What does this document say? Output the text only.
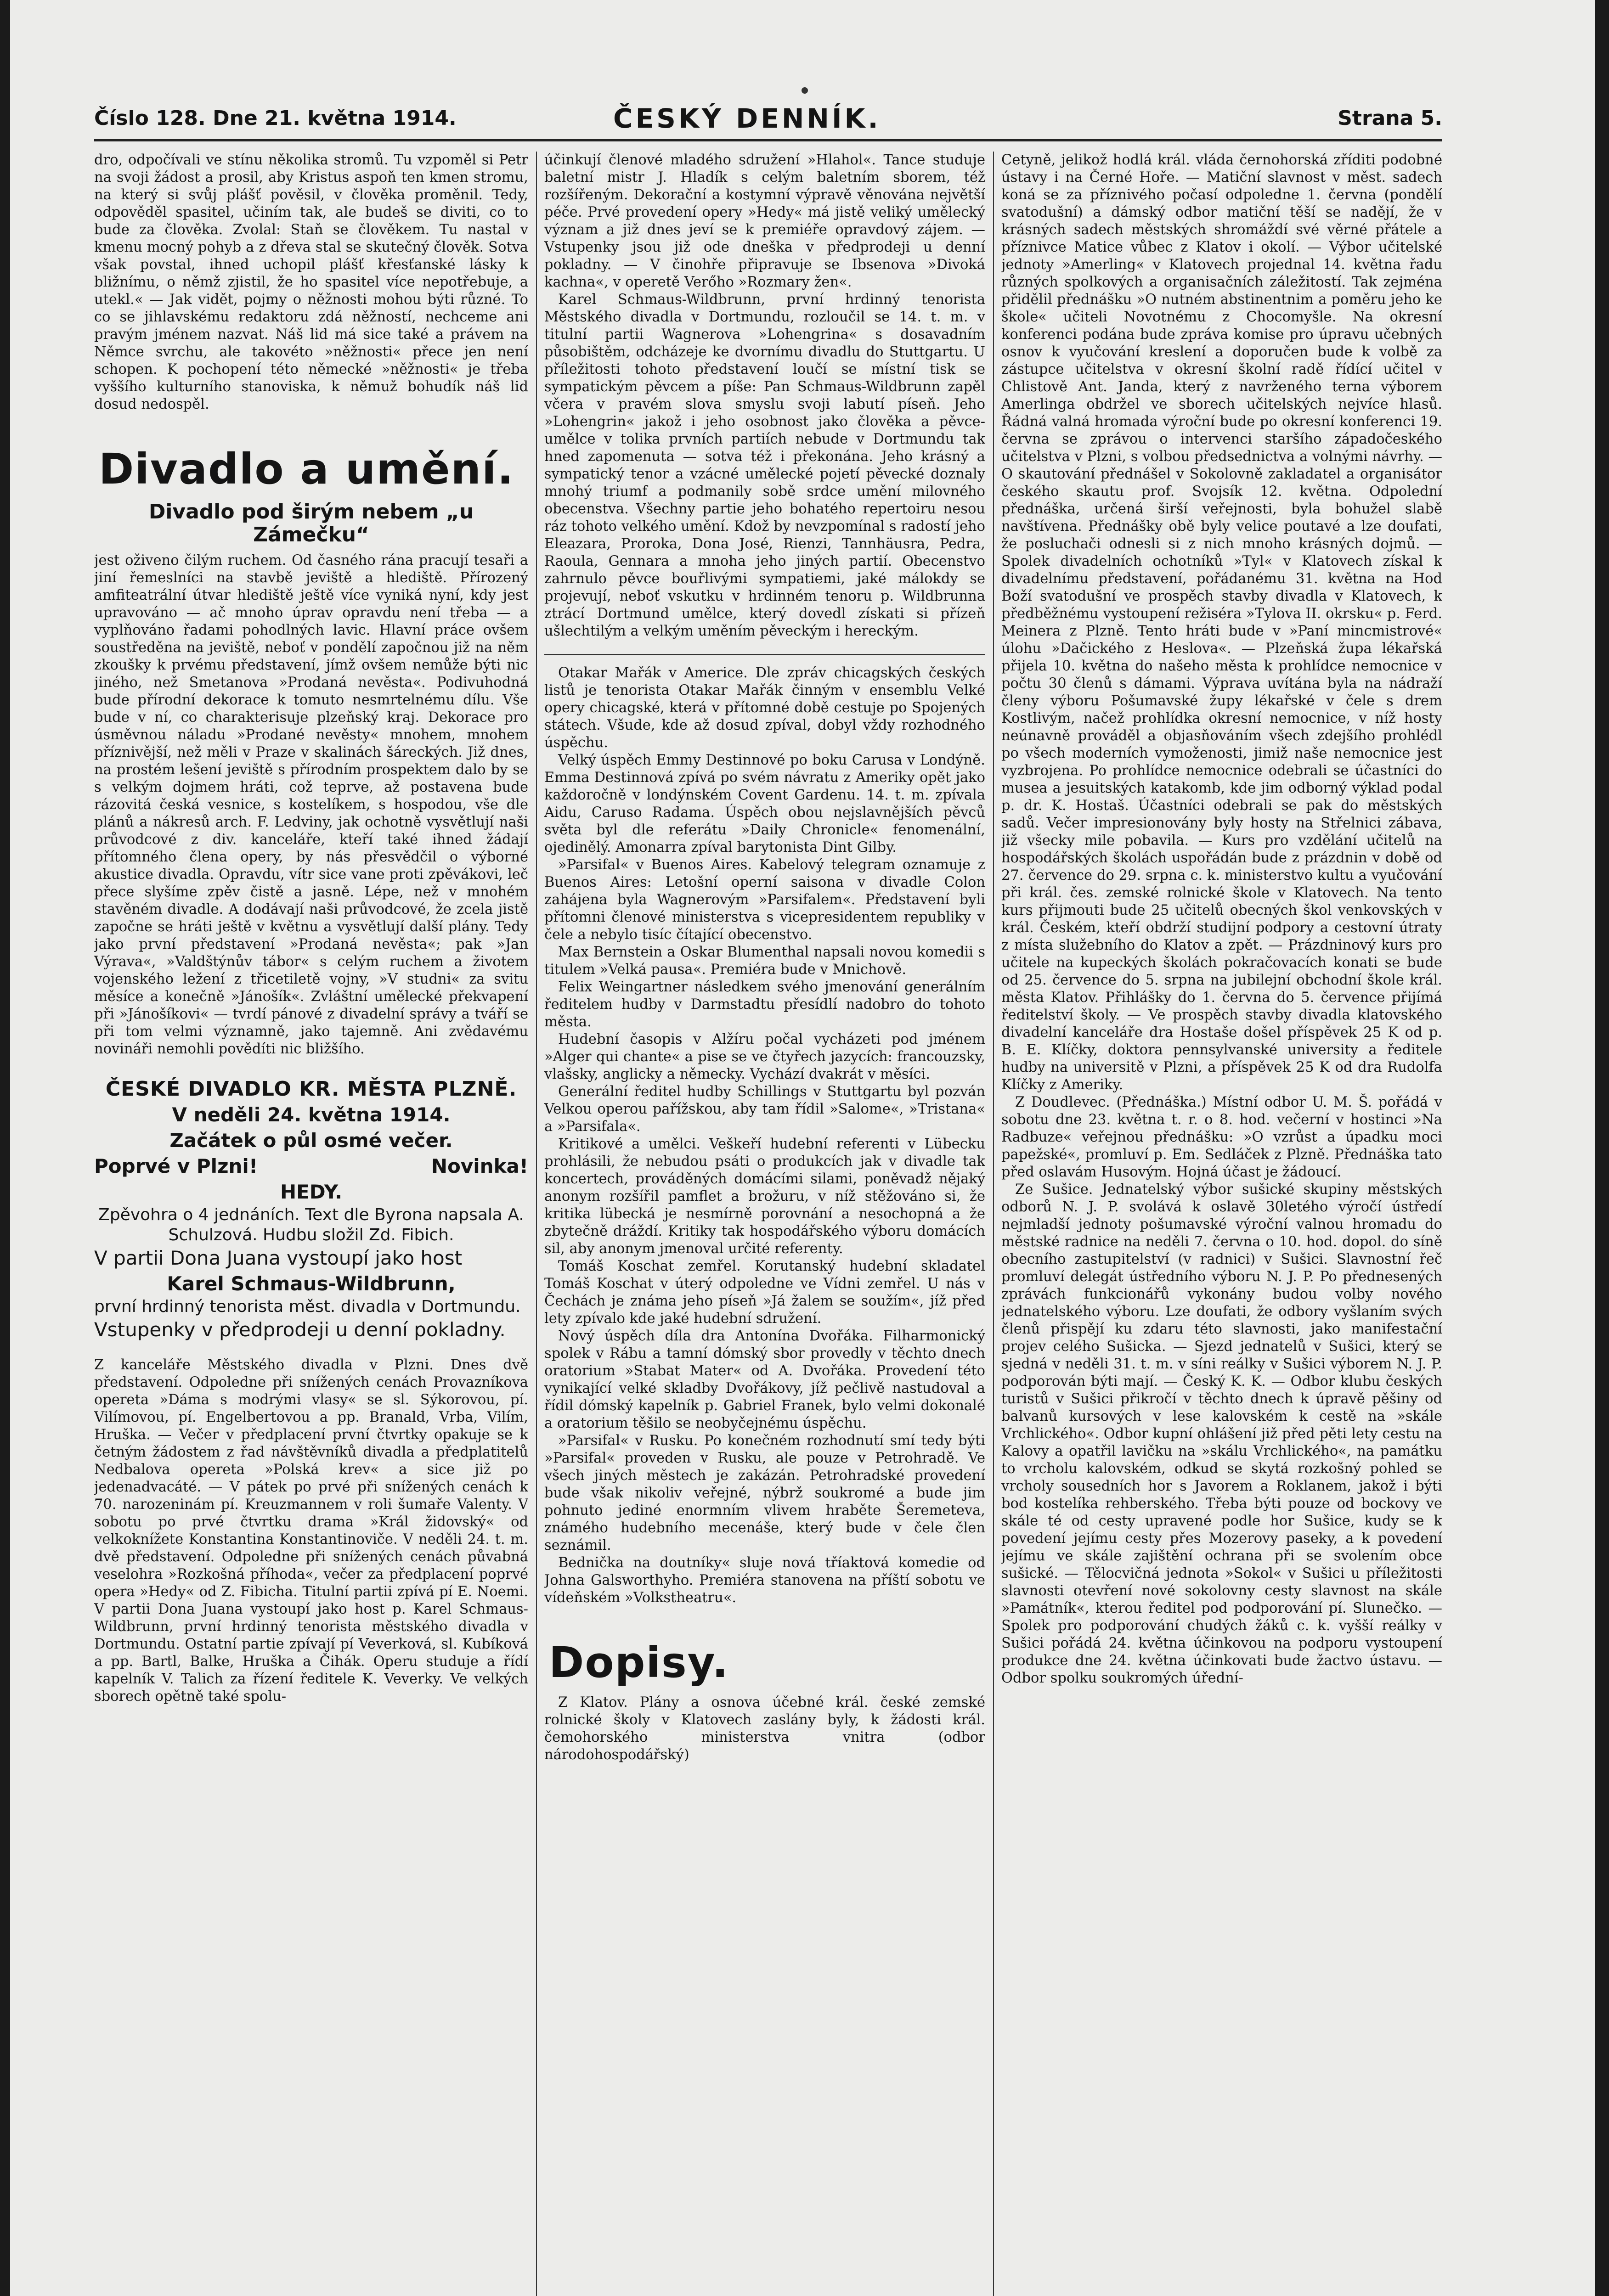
Číslo 128. Dne 21. května 1914.	ČESKÝ DENNÍK.	Strana 5.

dro, odpočívali ve stínu několika stromů. Tu vzpoměl si Petr na svoji žádost a prosil, aby Kristus aspoň ten kmen stromu, na který si svůj plášť pověsil, v člověka proměnil. Tedy, odpověděl spasitel, učiním tak, ale budeš se diviti, co to bude za člověka. Zvolal: Staň se člověkem. Tu nastal v kmenu mocný pohyb a z dřeva stal se skutečný člověk. Sotva však povstal, ihned uchopil plášť křesťanské lásky k bližnímu, o němž zjistil, že ho spasitel více nepotřebuje, a utekl.« — Jak vidět, pojmy o něžnosti mohou býti různé. To co se jihlavskému redaktoru zdá něžností, nechceme ani pravým jménem nazvat. Náš lid má sice také a právem na Němce svrchu, ale takovéto »něžnosti« přece jen není schopen. K pochopení této německé »něžnosti« je třeba vyššího kulturního stanoviska, k němuž bohudík náš lid dosud nedospěl.

Divadlo a umění.
Divadlo pod širým nebem „u Zámečku“

jest oživeno čilým ruchem. Od časného rána pracují tesaři a jiní řemeslníci na stavbě jeviště a hlediště. Přírozený amfiteatrální útvar hlediště ještě více vyniká nyní, kdy jest upravováno — ač mnoho úprav opravdu není třeba — a vyplňováno řadami pohodlných lavic. Hlavní práce ovšem soustředěna na jeviště, neboť v pondělí započnou již na něm zkoušky k prvému představení, jímž ovšem nemůže býti nic jiného, než Smetanova »Prodaná nevěsta«. Podivuhodná bude přírodní dekorace k tomuto nesmrtelnému dílu. Vše bude v ní, co charakterisuje plzeňský kraj. Dekorace pro úsměvnou náladu »Prodané nevěsty« mnohem, mnohem příznivější, než měli v Praze v skalinách šáreckých. Již dnes, na prostém lešení jeviště s přírodním prospektem dalo by se s velkým dojmem hráti, což teprve, až postavena bude rázovitá česká vesnice, s kostelíkem, s hospodou, vše dle plánů a nákresů arch. F. Ledviny, jak ochotně vysvětlují naši průvodcové z div. kanceláře, kteří také ihned žádají přítomného člena opery, by nás přesvědčil o výborné akustice divadla. Opravdu, vítr sice vane proti zpěvákovi, leč přece slyšíme zpěv čistě a jasně. Lépe, než v mnohém stavěném divadle. A dodávají naši průvodcové, že zcela jistě započne se hráti ještě v květnu a vysvětlují další plány. Tedy jako první představení »Prodaná nevěsta«; pak »Jan Výrava«, »Valdštýnův tábor« s celým ruchem a životem vojenského ležení z třicetiletě vojny, »V studni« za svitu měsíce a konečně »Jánošík«. Zvláštní umělecké překvapení při »Jánošíkovi« — tvrdí pánové z divadelní správy a tváří se při tom velmi významně, jako tajemně. Ani zvědavému novináři nemohli povědíti nic bližšího.

ČESKÉ DIVADLO KR. MĚSTA PLZNĚ.
V neděli 24. května 1914.
Začátek o půl osmé večer.
Poprvé v Plzni!	Novinka!
HEDY.
Zpěvohra o 4 jednáních. Text dle Byrona napsala A. Schulzová. Hudbu složil Zd. Fibich.
V partii Dona Juana vystoupí jako host
Karel Schmaus-Wildbrunn,
první hrdinný tenorista měst. divadla v Dortmundu.
Vstupenky v předprodeji u denní pokladny.

Z kanceláře Městského divadla v Plzni. Dnes dvě představení. Odpoledne při snížených cenách Provazníkova opereta »Dáma s modrými vlasy« se sl. Sýkorovou, pí. Vilímovou, pí. Engelbertovou a pp. Branald, Vrba, Vilím, Hruška. — Večer v předplacení první čtvrtky opakuje se k četným žádostem z řad návštěvníků divadla a předplatitelů Nedbalova opereta »Polská krev« a sice již po jedenadvacáté. — V pátek po prvé při snížených cenách k 70. narozeninám pí. Kreuzmannem v roli šumaře Valenty. V sobotu po prvé čtvrtku drama »Král židovský« od velkoknížete Konstantina Konstantinoviče. V neděli 24. t. m. dvě představení. Odpoledne při snížených cenách půvabná veselohra »Rozkošná příhoda«, večer za předplacení poprvé opera »Hedy« od Z. Fibicha. Titulní partii zpívá pí E. Noemi. V partii Dona Juana vystoupí jako host p. Karel Schmaus-Wildbrunn, první hrdinný tenorista městského divadla v Dortmundu. Ostatní partie zpívají pí Veverková, sl. Kubíková a pp. Bartl, Balke, Hruška a Čihák. Operu studuje a řídí kapelník V. Talich za řízení ředitele K. Veverky. Ve velkých sborech opětně také spolu-

účinkují členové mladého sdružení »Hlahol«. Tance studuje baletní mistr J. Hladík s celým baletním sborem, též rozšířeným. Dekorační a kostymní výpravě věnována největší péče. Prvé provedení opery »Hedy« má jistě veliký umělecký význam a již dnes jeví se k premiéře opravdový zájem. — Vstupenky jsou již ode dneška v předprodeji u denní pokladny. — V činohře připravuje se Ibsenova »Divoká kachna«, v operetě Verőho »Rozmary žen«.

Karel Schmaus-Wildbrunn, první hrdinný tenorista Městského divadla v Dortmundu, rozloučil se 14. t. m. v titulní partii Wagnerova »Lohengrina« s dosavadním působištěm, odcházeje ke dvornímu divadlu do Stuttgartu. U příležitosti tohoto představení loučí se místní tisk se sympatickým pěvcem a píše: Pan Schmaus-Wildbrunn zapěl včera v pravém slova smyslu svoji labutí píseň. Jeho »Lohengrin« jakož i jeho osobnost jako člověka a pěvce-umělce v tolika prvních partiích nebude v Dortmundu tak hned zapomenuta — sotva též i překonána. Jeho krásný a sympatický tenor a vzácné umělecké pojetí pěvecké doznaly mnohý triumf a podmanily sobě srdce umění milovného obecenstva. Všechny partie jeho bohatého repertoiru nesou ráz tohoto velkého umění. Kdož by nevzpomínal s radostí jeho Eleazara, Proroka, Dona José, Rienzi, Tannhäusra, Pedra, Raoula, Gennara a mnoha jeho jiných partií. Obecenstvo zahrnulo pěvce bouřlivými sympatiemi, jaké málokdy se projevují, neboť vskutku v hrdinném tenoru p. Wildbrunna ztrácí Dortmund umělce, který dovedl získati si přízeň ušlechtilým a velkým uměním pěveckým i hereckým.

Otakar Mařák v Americe. Dle zpráv chicagských českých listů je tenorista Otakar Mařák činným v ensemblu Velké opery chicagské, která v přítomné době cestuje po Spojených státech. Všude, kde až dosud zpíval, dobyl vždy rozhodného úspěchu.

Velký úspěch Emmy Destinnové po boku Carusa v Londýně. Emma Destinnová zpívá po svém návratu z Ameriky opět jako každoročně v londýnském Covent Gardenu. 14. t. m. zpívala Aidu, Caruso Radama. Úspěch obou nejslavnějších pěvců světa byl dle referátu »Daily Chronicle« fenomenální, ojedinělý. Amonarra zpíval barytonista Dint Gilby.

»Parsifal« v Buenos Aires. Kabelový telegram oznamuje z Buenos Aires: Letošní operní saisona v divadle Colon zahájena byla Wagnerovým »Parsifalem«. Představení byli přítomni členové ministerstva s vicepresidentem republiky v čele a nebylo tisíc čítající obecenstvo.

Max Bernstein a Oskar Blumenthal napsali novou komedii s titulem »Velká pausa«. Premiéra bude v Mnichově.

Felix Weingartner následkem svého jmenování generálním ředitelem hudby v Darmstadtu přesídlí nadobro do tohoto města.

Hudební časopis v Alžíru počal vycházeti pod jménem »Alger qui chante« a pise se ve čtyřech jazycích: francouzsky, vlašsky, anglicky a německy. Vychází dvakrát v měsíci.

Generální ředitel hudby Schillings v Stuttgartu byl pozván Velkou operou pařížskou, aby tam řídil »Salome«, »Tristana« a »Parsifala«.

Kritikové a umělci. Veškeří hudební referenti v Lübecku prohlásili, že nebudou psáti o produkcích jak v divadle tak koncertech, prováděných domácími silami, poněvadž nějaký anonym rozšířil pamflet a brožuru, v níž stěžováno si, že kritika lübecká je nesmírně porovnání a nesochopná a že zbytečně dráždí. Kritiky tak hospodářského výboru domácích sil, aby anonym jmenoval určité referenty.

Tomáš Koschat zemřel. Korutanský hudební skladatel Tomáš Koschat v úterý odpoledne ve Vídni zemřel. U nás v Čechách je známa jeho píseň »Já žalem se soužím«, jíž před lety zpívalo kde jaké hudební sdružení.

Nový úspěch díla dra Antonína Dvořáka. Filharmonický spolek v Rábu a tamní dómský sbor provedly v těchto dnech oratorium »Stabat Mater« od A. Dvořáka. Provedení této vynikající velké skladby Dvořákovy, jíž pečlivě nastudoval a řídil dómský kapelník p. Gabriel Franek, bylo velmi dokonalé a oratorium těšilo se neobyčejnému úspěchu.

»Parsifal« v Rusku. Po konečném rozhodnutí smí tedy býti »Parsifal« proveden v Rusku, ale pouze v Petrohradě. Ve všech jiných městech je zakázán. Petrohradské provedení bude však nikoliv veřejné, nýbrž soukromé a bude jim pohnuto jediné enormním vlivem hraběte Šeremeteva, známého hudebního mecenáše, který bude v čele člen seznámil.

Bednička na doutníky« sluje nová tříaktová komedie od Johna Galsworthyho. Premiéra stanovena na příští sobotu ve vídeňském »Volkstheatru«.

Dopisy.

Z Klatov. Plány a osnova účebné král. české zemské rolnické školy v Klatovech zaslány byly, k žádosti král. čemohorského ministerstva vnitra (odbor národohospodářský)

Cetyně, jelikož hodlá král. vláda černohorská zříditi podobné ústavy i na Černé Hoře. — Matiční slavnost v měst. sadech koná se za příznivého počasí odpoledne 1. června (pondělí svatodušní) a dámský odbor matiční těší se nadějí, že v krásných sadech městských shromáždí své věrné přátele a příznivce Matice vůbec z Klatov i okolí. — Výbor učitelské jednoty »Amerling« v Klatovech projednal 14. května řadu různých spolkových a organisačních záležitostí. Tak zejména přidělil přednášku »O nutném abstinentnim a poměru jeho ke škole« učiteli Novotnému z Chocomyšle. Na okresní konferenci podána bude zpráva komise pro úpravu učebných osnov k vyučování kreslení a doporučen bude k volbě za zástupce učitelstva v okresní školní radě řídící učitel v Chlistově Ant. Janda, který z navrženého terna výborem Amerlinga obdržel ve sborech učitelských nejvíce hlasů. Řádná valná hromada výroční bude po okresní konferenci 19. června se zprávou o intervenci staršího západočeského učitelstva v Plzni, s volbou předsednictva a volnými návrhy. — O skautování přednášel v Sokolovně zakladatel a organisátor českého skautu prof. Svojsík 12. května. Odpolední přednáška, určená širší veřejnosti, byla bohužel slabě navštívena. Přednášky obě byly velice poutavé a lze doufati, že posluchači odnesli si z nich mnoho krásných dojmů. — Spolek divadelních ochotníků »Tyl« v Klatovech získal k divadelnímu představení, pořádanému 31. května na Hod Boží svatodušní ve prospěch stavby divadla v Klatovech, k předběžnému vystoupení režiséra »Tylova II. okrsku« p. Ferd. Meinera z Plzně. Tento hráti bude v »Paní mincmistrové« úlohu »Dačického z Heslova«. — Plzeňská župa lékařská přijela 10. května do našeho města k prohlídce nemocnice v počtu 30 členů s dámami. Výprava uvítána byla na nádraží členy výboru Pošumavské župy lékařské v čele s drem Kostlivým, načež prohlídka okresní nemocnice, v níž hosty neúnavně prováděl a objasňováním všech zdejšího prohlédl po všech moderních vymoženosti, jimiž naše nemocnice jest vyzbrojena. Po prohlídce nemocnice odebrali se účastníci do musea a jesuitských katakomb, kde jim odborný výklad podal p. dr. K. Hostaš. Účastníci odebrali se pak do městských sadů. Večer impresionovány byly hosty na Střelnici zábava, již všecky mile pobavila. — Kurs pro vzdělání učitelů na hospodářských školách uspořádán bude z prázdnin v době od 27. července do 29. srpna c. k. ministerstvo kultu a vyučování při král. čes. zemské rolnické škole v Klatovech. Na tento kurs přijmouti bude 25 učitelů obecných škol venkovských v král. Českém, kteří obdrží studijní podpory a cestovní útraty z místa služebního do Klatov a zpět. — Prázdninový kurs pro učitele na kupeckých školách pokračovacích konati se bude od 25. července do 5. srpna na jubilejní obchodní škole král. města Klatov. Přihlášky do 1. června do 5. července přijímá ředitelství školy. — Ve prospěch stavby divadla klatovského divadelní kanceláře dra Hostaše došel příspěvek 25 K od p. B. E. Klíčky, doktora pennsylvanské university a ředitele hudby na universitě v Plzni, a příspěvek 25 K od dra Rudolfa Klíčky z Ameriky.

Z Doudlevec. (Přednáška.) Místní odbor U. M. Š. pořádá v sobotu dne 23. května t. r. o 8. hod. večerní v hostinci »Na Radbuze« veřejnou přednášku: »O vzrůst a úpadku moci papežské«, promluví p. Em. Sedláček z Plzně. Přednáška tato před oslavám Husovým. Hojná účast je žádoucí.

Ze Sušice. Jednatelský výbor sušické skupiny městských odborů N. J. P. svolává k oslavě 30letého výročí ústředí nejmladší jednoty pošumavské výroční valnou hromadu do městské radnice na neděli 7. června o 10. hod. dopol. do síně obecního zastupitelství (v radnici) v Sušici. Slavnostní řeč promluví delegát ústředního výboru N. J. P. Po přednesených zprávách funkcionářů vykonány budou volby nového jednatelského výboru. Lze doufati, že odbory vyšlaním svých členů přispějí ku zdaru této slavnosti, jako manifestační projev celého Sušicka. — Sjezd jednatelů v Sušici, který se sjedná v neděli 31. t. m. v síni reálky v Sušici výborem N. J. P. podporován býti mají. — Český K. K. — Odbor klubu českých turistů v Sušici přikročí v těchto dnech k úpravě pěšiny od balvanů kursových v lese kalovském k cestě na »skále Vrchlického«. Odbor kupní ohlášení již před pěti lety cestu na Kalovy a opatřil lavičku na »skálu Vrchlického«, na památku to vrcholu kalovském, odkud se skytá rozkošný pohled se vrcholy sousedních hor s Javorem a Roklanem, jakož i býti bod kostelíka rehberského. Třeba býti pouze od bockovy ve skále té od cesty upravené podle hor Sušice, kudy se k povedení jejímu cesty přes Mozerovy paseky, a k povedení jejímu ve skále zajištění ochrana při se svolením obce sušické. — Tělocvičná jednota »Sokol« v Sušici u příležitosti slavnosti otevření nové sokolovny cesty slavnost na skále »Památník«, kterou ředitel pod podporování pí. Slunečko. — Spolek pro podporování chudých žáků c. k. vyšší reálky v Sušici pořádá 24. května účinkovou na podporu vystoupení produkce dne 24. května účinkovati bude žactvo ústavu. — Odbor spolku soukromých úřední-
